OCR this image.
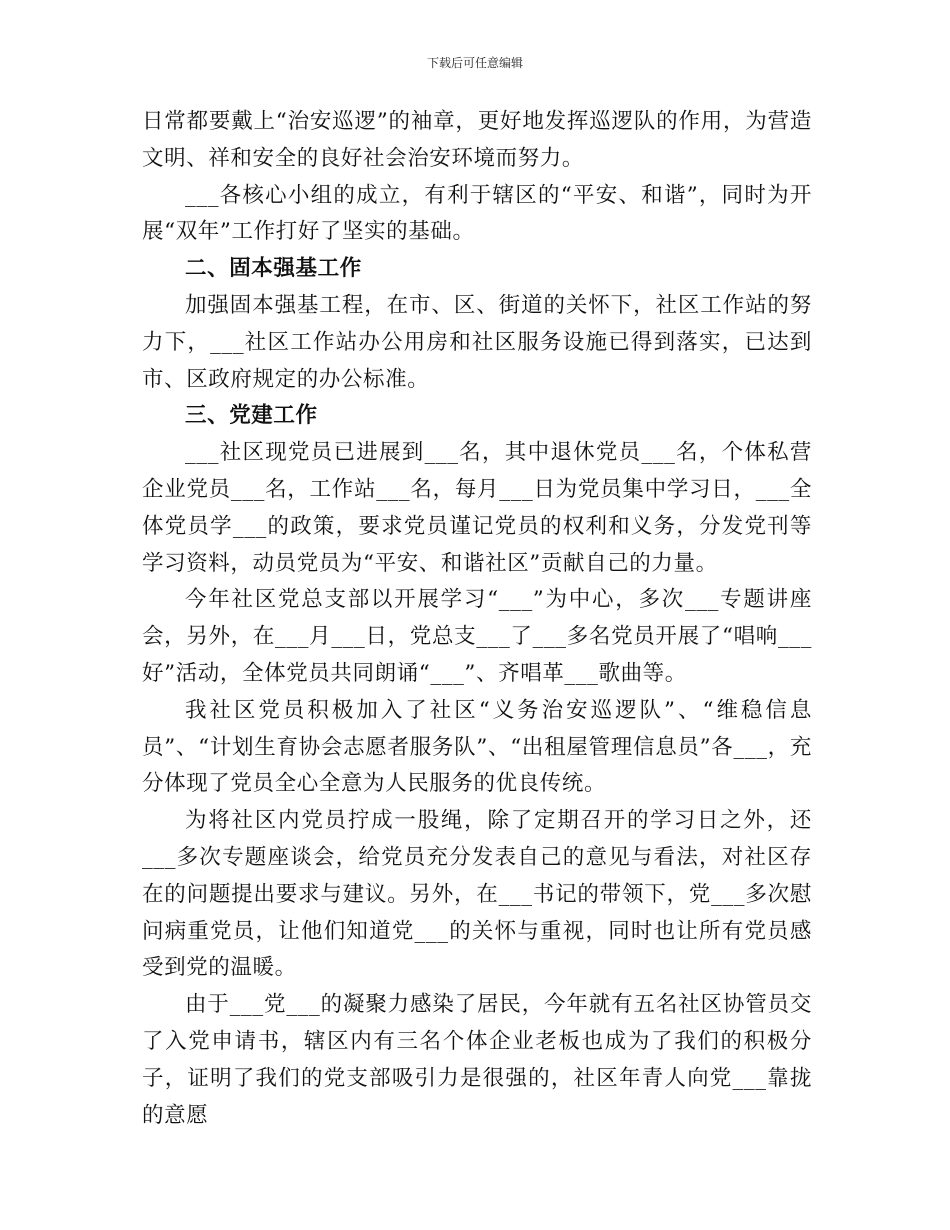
下载后可任意编辑

日常都要戴上“治安巡逻”的袖章，更好地发挥巡逻队的作用，为营造文明、祥和安全的良好社会治安环境而努力。

___各核心小组的成立，有利于辖区的“平安、和谐”，同时为开展“双年”工作打好了坚实的基础。

二、固本强基工作

加强固本强基工程，在市、区、街道的关怀下，社区工作站的努力下，___社区工作站办公用房和社区服务设施已得到落实，已达到市、区政府规定的办公标准。

三、党建工作

___社区现党员已进展到___名，其中退休党员___名，个体私营企业党员___名，工作站___名，每月___日为党员集中学习日，___全体党员学___的政策，要求党员谨记党员的权利和义务，分发党刊等学习资料，动员党员为“平安、和谐社区”贡献自己的力量。

今年社区党总支部以开展学习“___”为中心，多次___专题讲座会，另外，在___月___日，党总支___了___多名党员开展了“唱响___好”活动，全体党员共同朗诵“___”、齐唱革___歌曲等。

我社区党员积极加入了社区“义务治安巡逻队”、“维稳信息员”、“计划生育协会志愿者服务队”、“出租屋管理信息员”各___，充分体现了党员全心全意为人民服务的优良传统。

为将社区内党员拧成一股绳，除了定期召开的学习日之外，还___多次专题座谈会，给党员充分发表自己的意见与看法，对社区存在的问题提出要求与建议。另外，在___书记的带领下，党___多次慰问病重党员，让他们知道党___的关怀与重视，同时也让所有党员感受到党的温暖。

由于___党___的凝聚力感染了居民，今年就有五名社区协管员交了入党申请书，辖区内有三名个体企业老板也成为了我们的积极分子，证明了我们的党支部吸引力是很强的，社区年青人向党___靠拢的意愿
